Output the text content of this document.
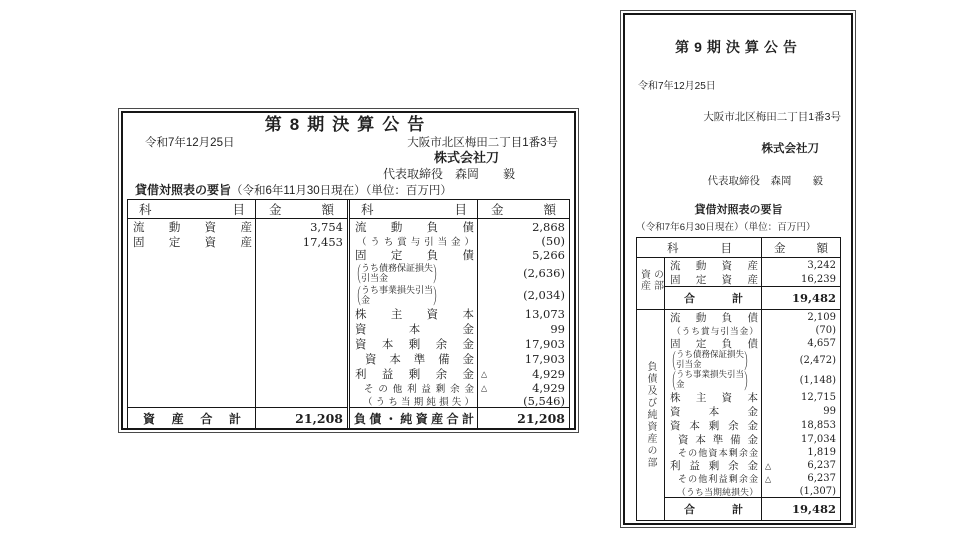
第8期決算公告
令和7年12月25日	大阪市北区梅田二丁目1番3号
株式会社刀
代表取締役　森岡　　毅
貸借対照表の要旨（令和6年11月30日現在）（単位：百万円）
科目	金額
流動資産	3,754
固定資産	17,453
資産合計	21,208
科目	金額
流動負債	2,868
（うち賞与引当金）	(50)
固定負債	5,266
（ うち債務保証損失
引当金	）	(2,636)
（ うち事業損失引当
金	）	(2,034)
株主資本	13,073
資本金	99
資本剰余金	17,903
資本準備金	17,903
利益剰余金 △	4,929
その他利益剰余金 △	4,929
（うち当期純損失）	(5,546)
負債・純資産合計	21,208
第9期決算公告
令和7年12月25日
大阪市北区梅田二丁目1番3号
株式会社刀
代表取締役　森岡　　毅
貸借対照表の要旨
（令和7年6月30日現在）（単位：百万円）
科目	金額
資産の部
流動資産	3,242
固定資産	16,239
合計	19,482
負債及び純資産の部
流動負債	2,109
（うち賞与引当金）	(70)
固定負債	4,657
（ うち債務保証損失
引当金	）	(2,472)
（ うち事業損失引当
金	）	(1,148)
株主資本	12,715
資本金	99
資本剰余金	18,853
資本準備金	17,034
その他資本剰余金	1,819
利益剰余金 △	6,237
その他利益剰余金 △	6,237
（うち当期純損失）	(1,307)
合計	19,482
